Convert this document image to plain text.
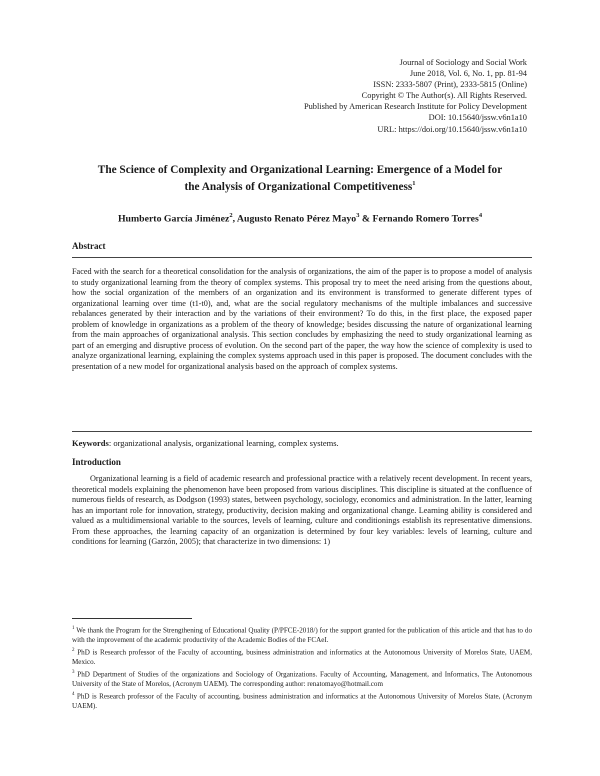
Journal of Sociology and Social Work
June 2018, Vol. 6, No. 1, pp. 81-94
ISSN: 2333-5807 (Print), 2333-5815 (Online)
Copyright © The Author(s). All Rights Reserved.
Published by American Research Institute for Policy Development
DOI: 10.15640/jssw.v6n1a10
URL: https://doi.org/10.15640/jssw.v6n1a10
The Science of Complexity and Organizational Learning: Emergence of a Model for
the Analysis of Organizational Competitiveness$^1$
Humberto García Jiménez$^2$, Augusto Renato Pérez Mayo$^3$ & Fernando Romero Torres$^4$
Abstract
Faced with the search for a theoretical consolidation for the analysis of organizations, the aim of the paper is to propose a model of analysis to study organizational learning from the theory of complex systems. This proposal try to meet the need arising from the questions about, how the social organization of the members of an organization and its environment is transformed to generate different types of organizational learning over time (t1-t0), and, what are the social regulatory mechanisms of the multiple imbalances and successive rebalances generated by their interaction and by the variations of their environment? To do this, in the first place, the exposed paper problem of knowledge in organizations as a problem of the theory of knowledge; besides discussing the nature of organizational learning from the main approaches of organizational analysis. This section concludes by emphasizing the need to study organizational learning as part of an emerging and disruptive process of evolution. On the second part of the paper, the way how the science of complexity is used to analyze organizational learning, explaining the complex systems approach used in this paper is proposed. The document concludes with the presentation of a new model for organizational analysis based on the approach of complex systems.
Keywords: organizational analysis, organizational learning, complex systems.
Introduction
Organizational learning is a field of academic research and professional practice with a relatively recent development. In recent years, theoretical models explaining the phenomenon have been proposed from various disciplines. This discipline is situated at the confluence of numerous fields of research, as Dodgson (1993) states, between psychology, sociology, economics and administration. In the latter, learning has an important role for innovation, strategy, productivity, decision making and organizational change. Learning ability is considered and valued as a multidimensional variable to the sources, levels of learning, culture and conditionings establish its representative dimensions. From these approaches, the learning capacity of an organization is determined by four key variables: levels of learning, culture and conditions for learning (Garzón, 2005); that characterize in two dimensions: 1)

$^1$ We thank the Program for the Strengthening of Educational Quality (P/PFCE-2018/) for the support granted for the publication of this article and that has to do with the improvement of the academic productivity of the Academic Bodies of the FCAeI.

$^2$ PhD is Research professor of the Faculty of accounting, business administration and informatics at the Autonomous University of Morelos State, UAEM, Mexico.

$^3$ PhD Department of Studies of the organizations and Sociology of Organizations. Faculty of Accounting, Management, and Informatics, The Autonomous University of the State of Morelos, (Acronym UAEM). The corresponding author: renatomayo@hotmail.com

$^4$ PhD is Research professor of the Faculty of accounting, business administration and informatics at the Autonomous University of Morelos State, (Acronym UAEM).
